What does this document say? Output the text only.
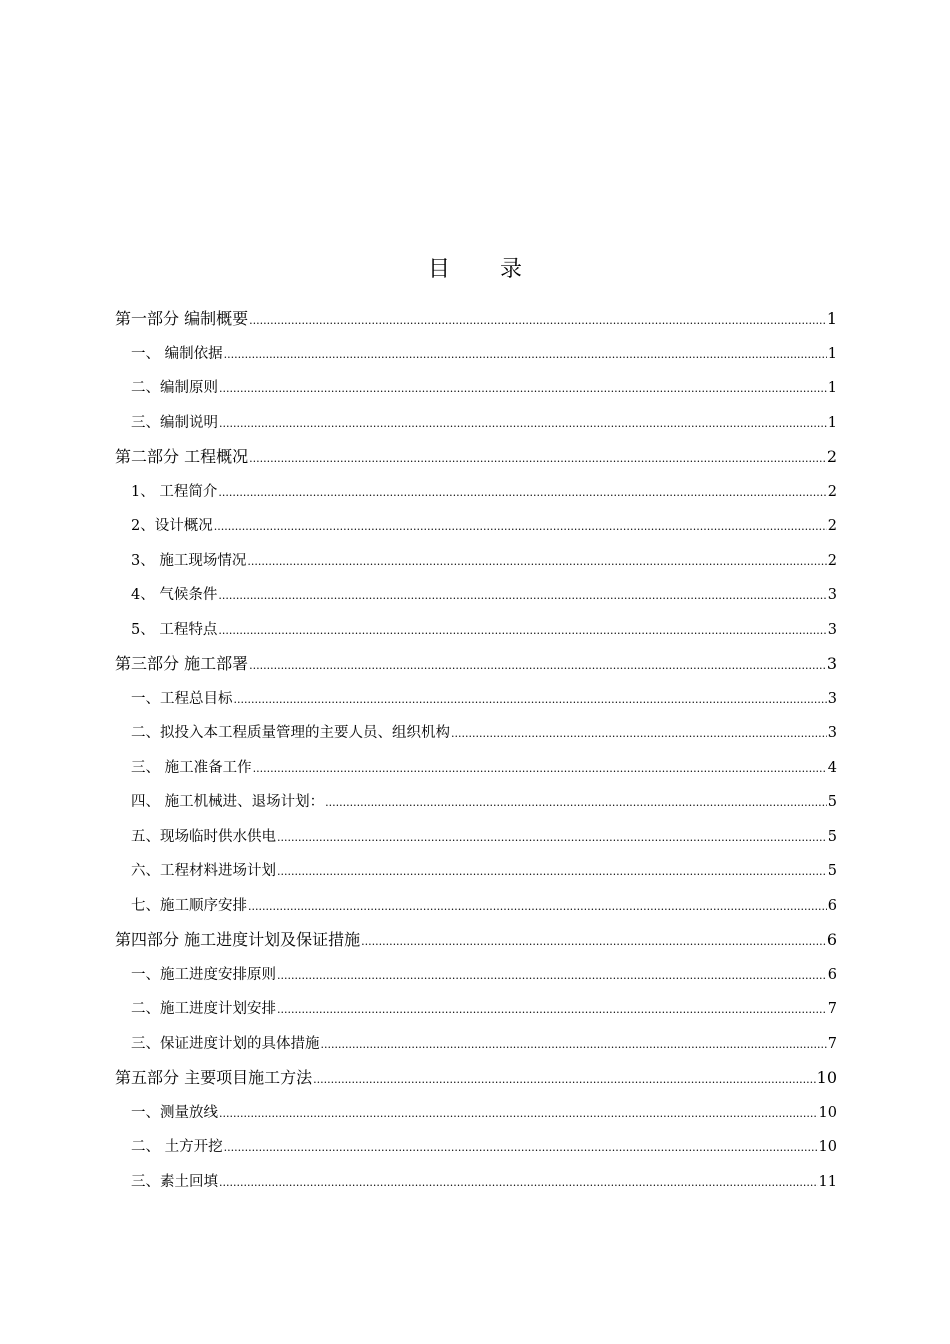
目 录
第一部分 编制概要 .....	1
一、 编制依据 .....	1
二、编制原则 .....	1
三、编制说明 .....	1
第二部分 工程概况 .....	2
1、 工程简介 .....	2
2、设计概况 .....	2
3、 施工现场情况 .....	2
4、 气候条件 .....	3
5、 工程特点 .....	3
第三部分 施工部署 .....	3
一、工程总目标 .....	3
二、拟投入本工程质量管理的主要人员、组织机构 .....	3
三、 施工准备工作 .....	4
四、 施工机械进、退场计划： .....	5
五、现场临时供水供电 .....	5
六、工程材料进场计划 .....	5
七、施工顺序安排 .....	6
第四部分 施工进度计划及保证措施 .....	6
一、施工进度安排原则 .....	6
二、施工进度计划安排 .....	7
三、保证进度计划的具体措施 .....	7
第五部分 主要项目施工方法 .....	10
一、测量放线 .....	10
二、 土方开挖 .....	10
三、素土回填 .....	11
